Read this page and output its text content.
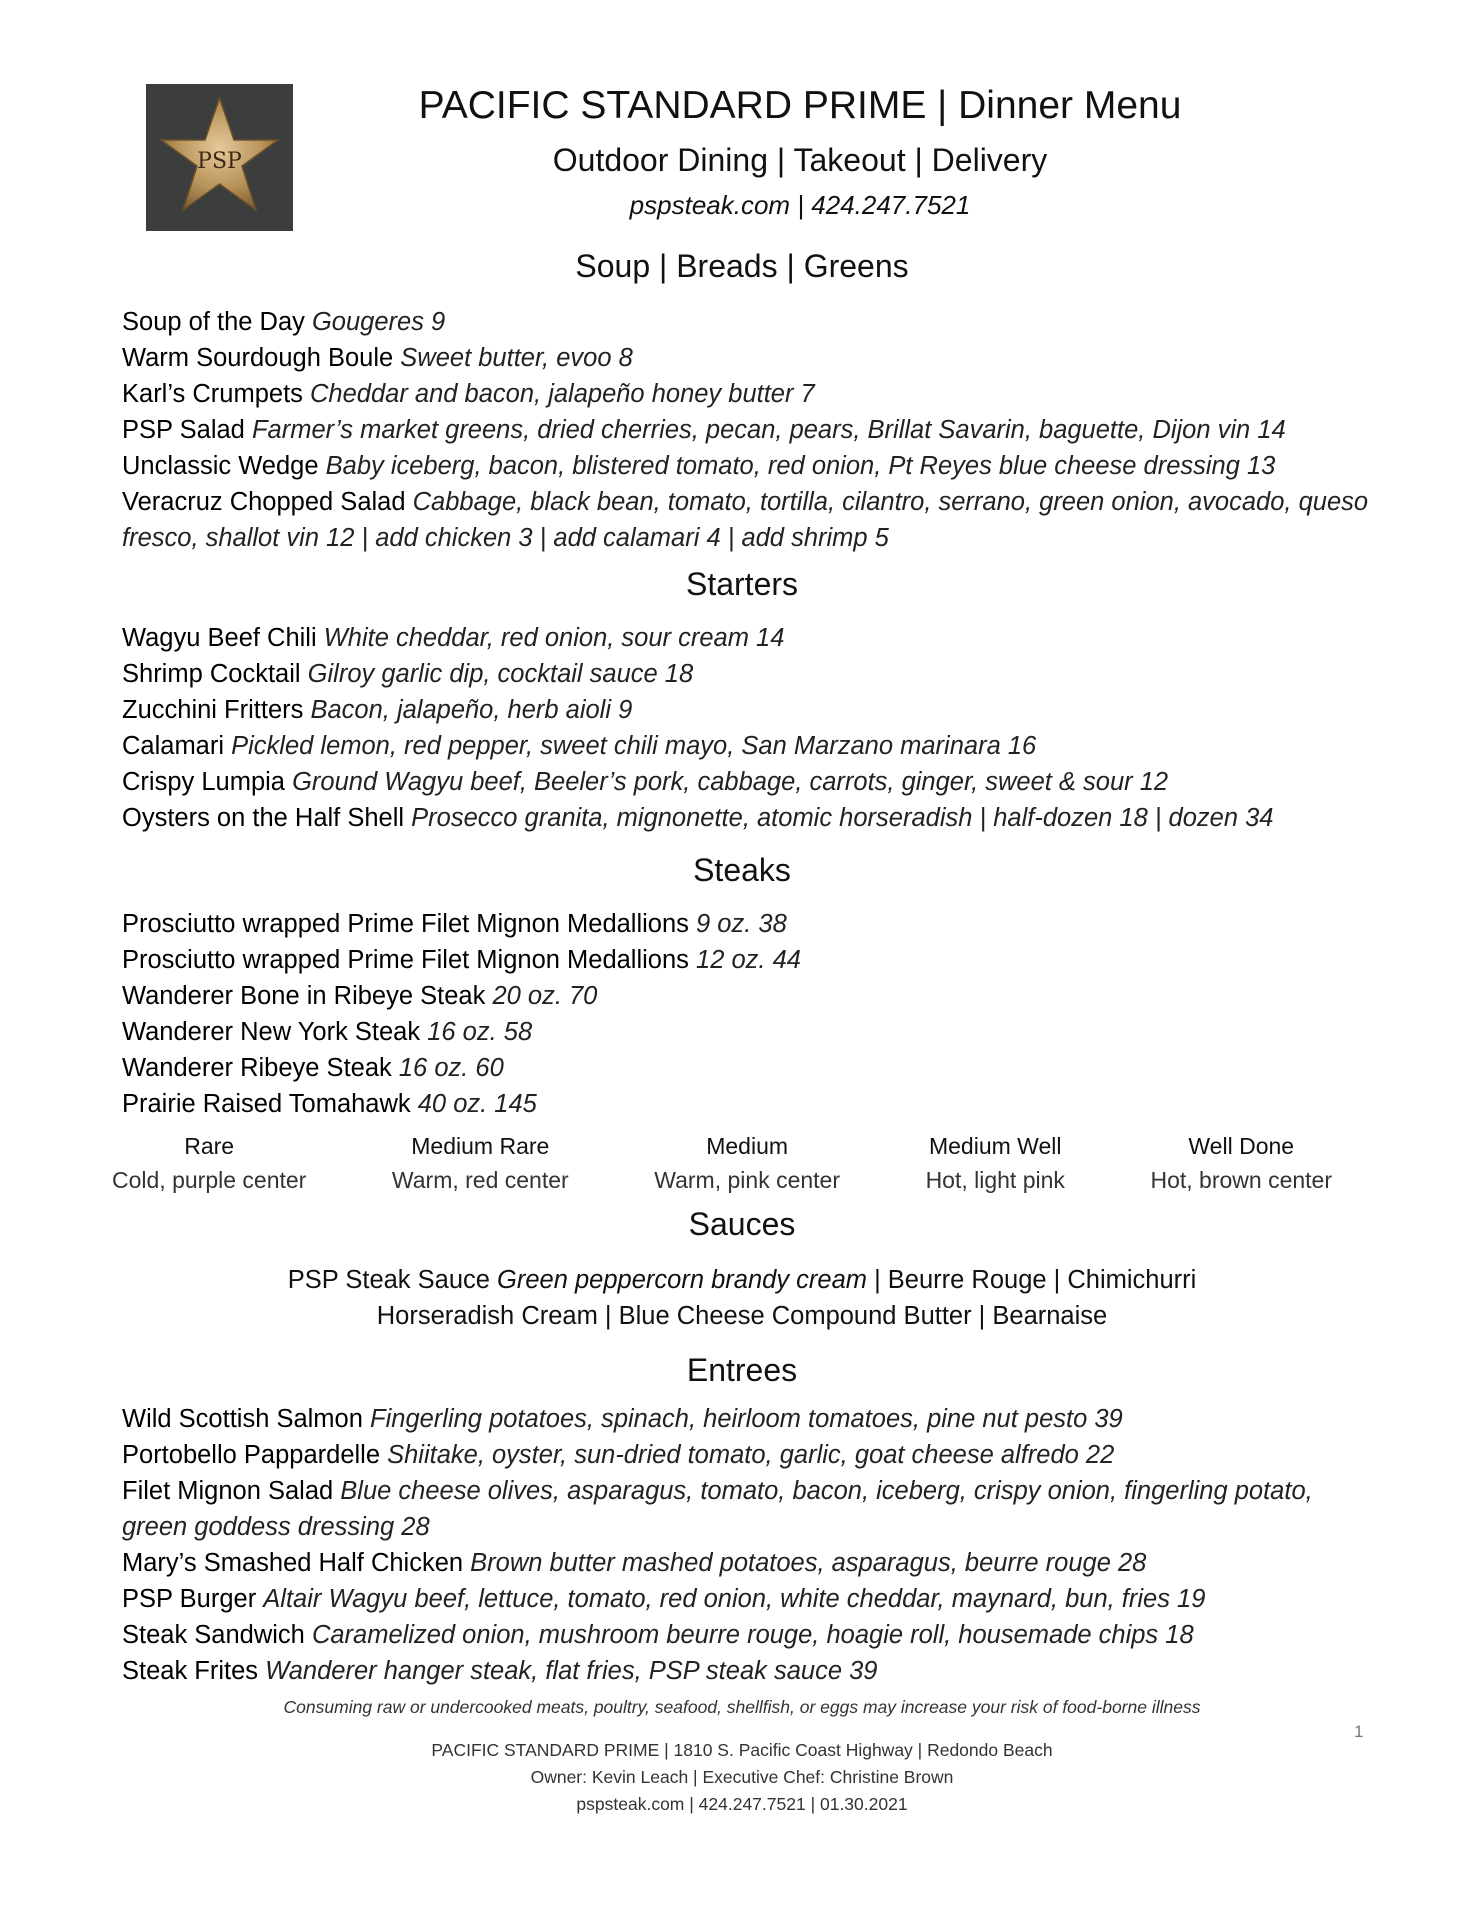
PSP
PACIFIC STANDARD PRIME | Dinner Menu
Outdoor Dining | Takeout | Delivery
pspsteak.com | 424.247.7521
Soup | Breads | Greens
Soup of the Day Gougeres 9
Warm Sourdough Boule Sweet butter, evoo 8
Karl’s Crumpets Cheddar and bacon, jalapeño honey butter 7
PSP Salad Farmer’s market greens, dried cherries, pecan, pears, Brillat Savarin, baguette, Dijon vin 14
Unclassic Wedge Baby iceberg, bacon, blistered tomato, red onion, Pt Reyes blue cheese dressing 13
Veracruz Chopped Salad Cabbage, black bean, tomato, tortilla, cilantro, serrano, green onion, avocado, queso fresco, shallot vin 12 | add chicken 3 | add calamari 4 | add shrimp 5
Starters
Wagyu Beef Chili White cheddar, red onion, sour cream 14
Shrimp Cocktail Gilroy garlic dip, cocktail sauce 18
Zucchini Fritters Bacon, jalapeño, herb aioli 9
Calamari Pickled lemon, red pepper, sweet chili mayo, San Marzano marinara 16
Crispy Lumpia Ground Wagyu beef, Beeler’s pork, cabbage, carrots, ginger, sweet & sour 12
Oysters on the Half Shell Prosecco granita, mignonette, atomic horseradish | half-dozen 18 | dozen 34
Steaks
Prosciutto wrapped Prime Filet Mignon Medallions 9 oz. 38
Prosciutto wrapped Prime Filet Mignon Medallions 12 oz. 44
Wanderer Bone in Ribeye Steak 20 oz. 70
Wanderer New York Steak 16 oz. 58
Wanderer Ribeye Steak 16 oz. 60
Prairie Raised Tomahawk 40 oz. 145
Rare
Cold, purple center
Medium Rare
Warm, red center
Medium
Warm, pink center
Medium Well
Hot, light pink
Well Done
Hot, brown center
Sauces
PSP Steak Sauce Green peppercorn brandy cream | Beurre Rouge | Chimichurri
Horseradish Cream | Blue Cheese Compound Butter | Bearnaise
Entrees
Wild Scottish Salmon Fingerling potatoes, spinach, heirloom tomatoes, pine nut pesto 39
Portobello Pappardelle Shiitake, oyster, sun-dried tomato, garlic, goat cheese alfredo 22
Filet Mignon Salad Blue cheese olives, asparagus, tomato, bacon, iceberg, crispy onion, fingerling potato, green goddess dressing 28
Mary’s Smashed Half Chicken Brown butter mashed potatoes, asparagus, beurre rouge 28
PSP Burger Altair Wagyu beef, lettuce, tomato, red onion, white cheddar, maynard, bun, fries 19
Steak Sandwich Caramelized onion, mushroom beurre rouge, hoagie roll, housemade chips 18
Steak Frites Wanderer hanger steak, flat fries, PSP steak sauce 39
Consuming raw or undercooked meats, poultry, seafood, shellfish, or eggs may increase your risk of food-borne illness
1
PACIFIC STANDARD PRIME | 1810 S. Pacific Coast Highway | Redondo Beach
Owner: Kevin Leach | Executive Chef: Christine Brown
pspsteak.com | 424.247.7521 | 01.30.2021
